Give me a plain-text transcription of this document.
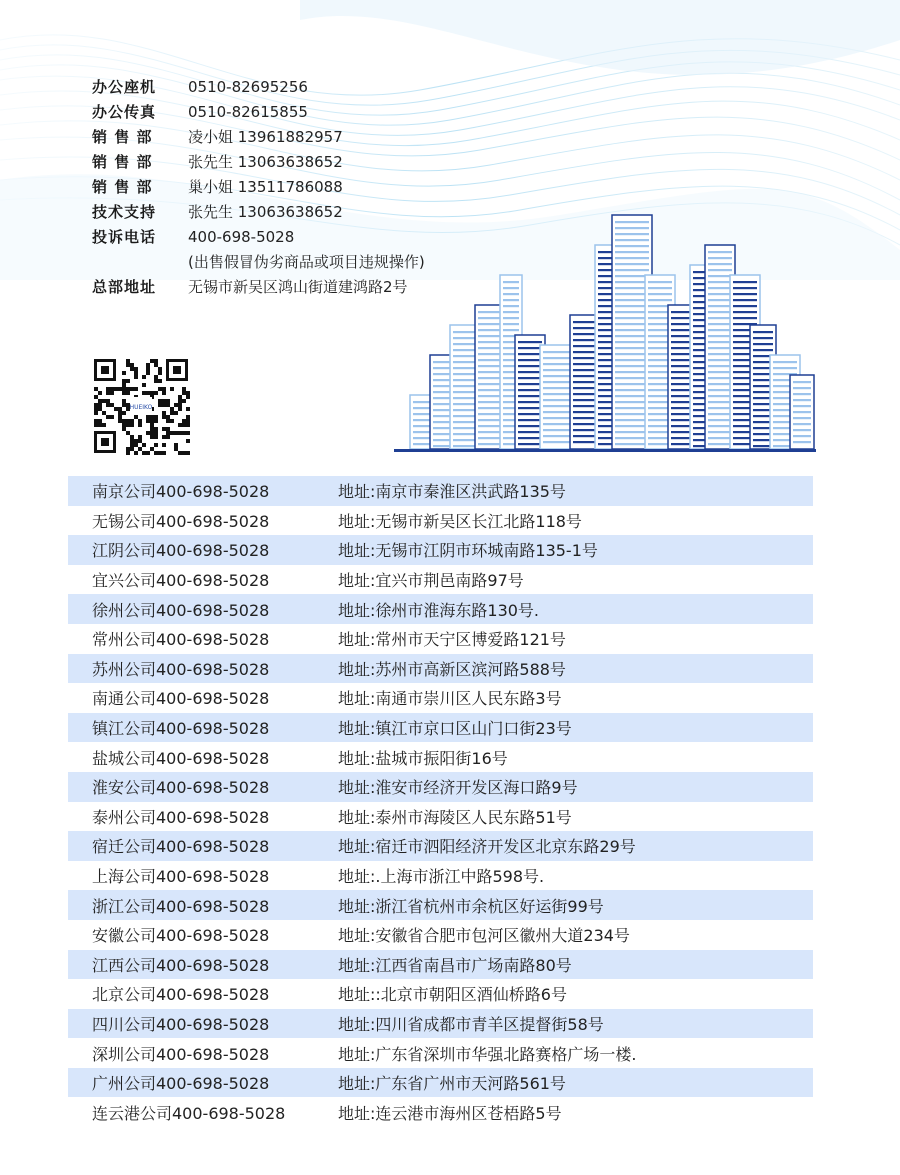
办公座机	0510-82695256
办公传真	0510-82615855
销 售 部	凌小姐 13961882957
销 售 部	张先生 13063638652
销 售 部	巢小姐 13511786088
技术支持	张先生 13063638652
投诉电话	400-698-5028
(出售假冒伪劣商品或项目违规操作)
总部地址	无锡市新吴区鸿山街道建鸿路2号
HUEIKO
南京公司400-698-5028	地址:南京市秦淮区洪武路135号
无锡公司400-698-5028	地址:无锡市新吴区长江北路118号
江阴公司400-698-5028	地址:无锡市江阴市环城南路135-1号
宜兴公司400-698-5028	地址:宜兴市荆邑南路97号
徐州公司400-698-5028	地址:徐州市淮海东路130号.
常州公司400-698-5028	地址:常州市天宁区博爱路121号
苏州公司400-698-5028	地址:苏州市高新区滨河路588号
南通公司400-698-5028	地址:南通市崇川区人民东路3号
镇江公司400-698-5028	地址:镇江市京口区山门口街23号
盐城公司400-698-5028	地址:盐城市振阳街16号
淮安公司400-698-5028	地址:淮安市经济开发区海口路9号
泰州公司400-698-5028	地址:泰州市海陵区人民东路51号
宿迁公司400-698-5028	地址:宿迁市泗阳经济开发区北京东路29号
上海公司400-698-5028	地址:.上海市浙江中路598号.
浙江公司400-698-5028	地址:浙江省杭州市余杭区好运街99号
安徽公司400-698-5028	地址:安徽省合肥市包河区徽州大道234号
江西公司400-698-5028	地址:江西省南昌市广场南路80号
北京公司400-698-5028	地址::北京市朝阳区酒仙桥路6号
四川公司400-698-5028	地址:四川省成都市青羊区提督街58号
深圳公司400-698-5028	地址:广东省深圳市华强北路赛格广场一楼.
广州公司400-698-5028	地址:广东省广州市天河路561号
连云港公司400-698-5028	地址:连云港市海州区苍梧路5号
